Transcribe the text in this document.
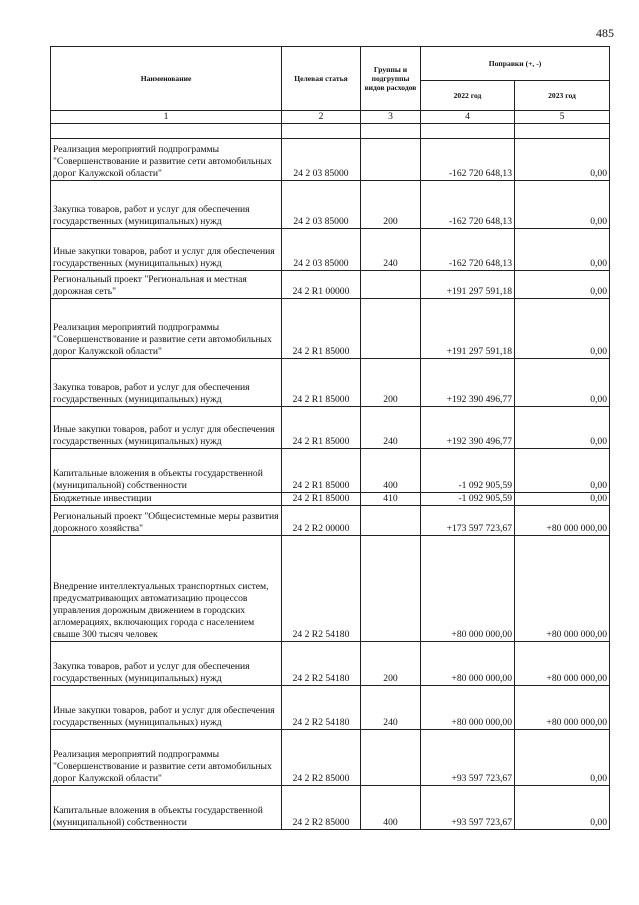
485
Наименование	Целевая статья	Группы и подгруппы видов расходов	Поправки (+, -)	
			2022 год	2023 год
1	2	3	4	5

Реализация мероприятий подпрограммы "Совершенствование и развитие сети автомобильных дорог Калужской области"	24 2 03 85000		-162 720 648,13	0,00
Закупка товаров, работ и услуг для обеспечения государственных (муниципальных) нужд	24 2 03 85000	200	-162 720 648,13	0,00
Иные закупки товаров, работ и услуг для обеспечения государственных (муниципальных) нужд	24 2 03 85000	240	-162 720 648,13	0,00
Региональный проект "Региональная и местная дорожная сеть"	24 2 R1 00000		+191 297 591,18	0,00
Реализация мероприятий подпрограммы "Совершенствование и развитие сети автомобильных дорог Калужской области"	24 2 R1 85000		+191 297 591,18	0,00
Закупка товаров, работ и услуг для обеспечения государственных (муниципальных) нужд	24 2 R1 85000	200	+192 390 496,77	0,00
Иные закупки товаров, работ и услуг для обеспечения государственных (муниципальных) нужд	24 2 R1 85000	240	+192 390 496,77	0,00
Капитальные вложения в объекты государственной (муниципальной) собственности	24 2 R1 85000	400	-1 092 905,59	0,00
Бюджетные инвестиции	24 2 R1 85000	410	-1 092 905,59	0,00
Региональный проект "Общесистемные меры развития дорожного хозяйства"	24 2 R2 00000		+173 597 723,67	+80 000 000,00
Внедрение интеллектуальных транспортных систем, предусматривающих автоматизацию процессов управления дорожным движением в городских агломерациях, включающих города с населением свыше 300 тысяч человек	24 2 R2 54180		+80 000 000,00	+80 000 000,00
Закупка товаров, работ и услуг для обеспечения государственных (муниципальных) нужд	24 2 R2 54180	200	+80 000 000,00	+80 000 000,00
Иные закупки товаров, работ и услуг для обеспечения государственных (муниципальных) нужд	24 2 R2 54180	240	+80 000 000,00	+80 000 000,00
Реализация мероприятий подпрограммы "Совершенствование и развитие сети автомобильных дорог Калужской области"	24 2 R2 85000		+93 597 723,67	0,00
Капитальные вложения в объекты государственной (муниципальной) собственности	24 2 R2 85000	400	+93 597 723,67	0,00
